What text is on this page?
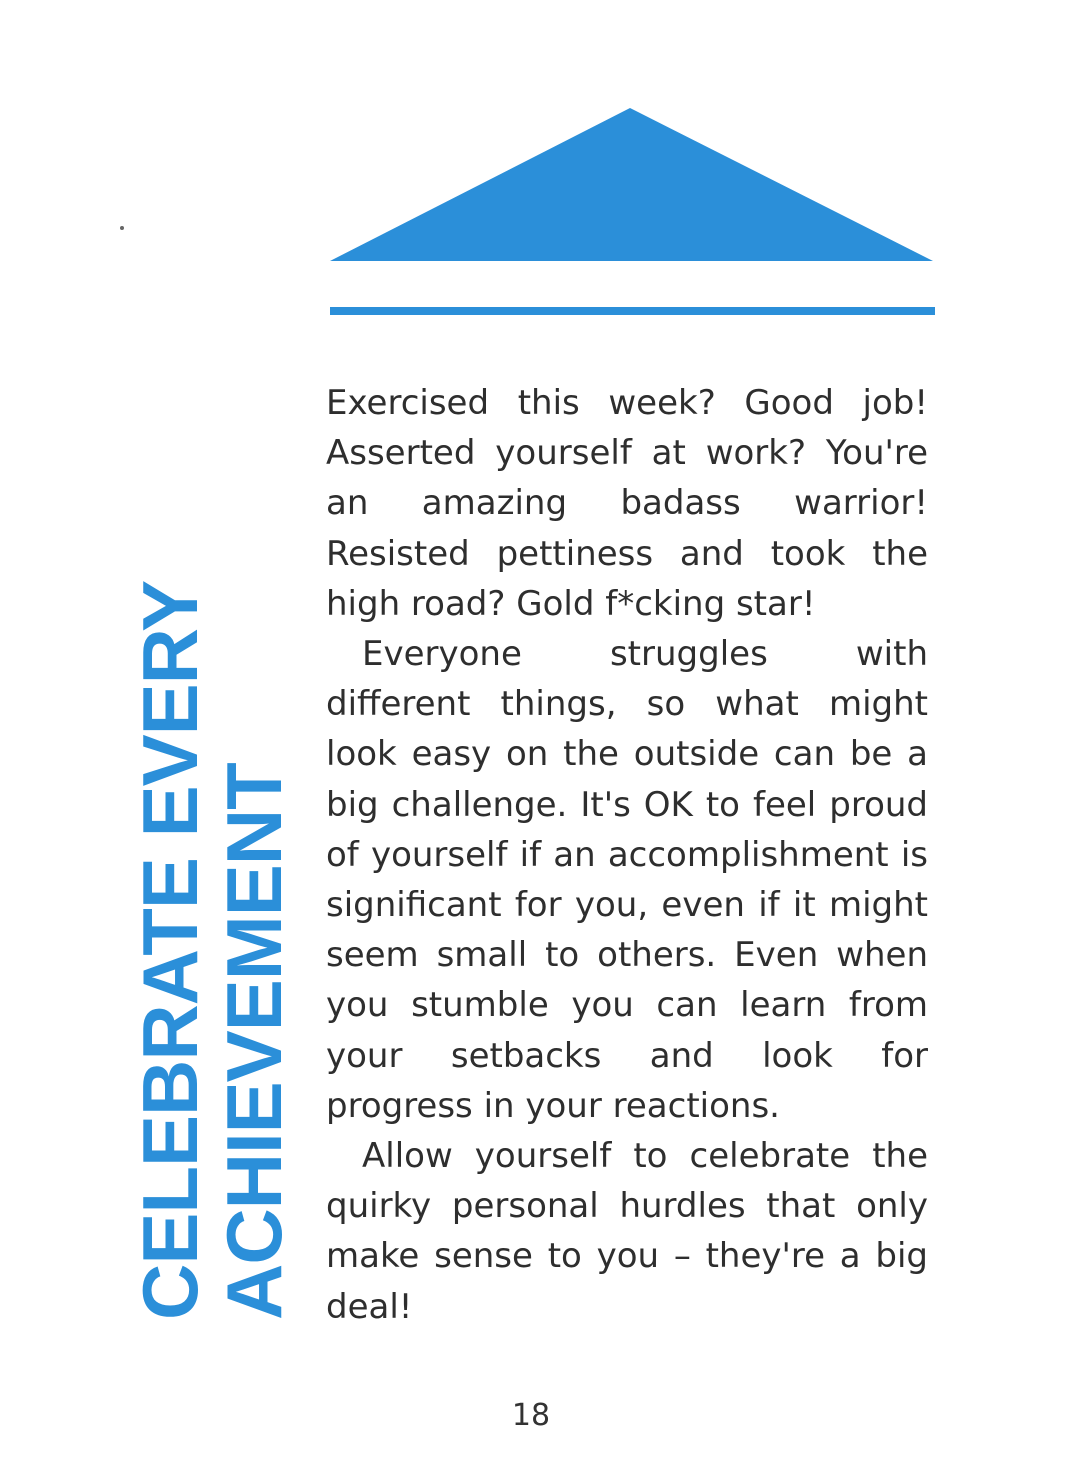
CELEBRATE EVERY
ACHIEVEMENT

Exercised this week? Good job! Asserted yourself at work? You're an amazing badass warrior! Resisted pettiness and took the high road? Gold f*cking star!

Everyone struggles with different things, so what might look easy on the outside can be a big challenge. It's OK to feel proud of yourself if an accomplishment is significant for you, even if it might seem small to others. Even when you stumble you can learn from your setbacks and look for progress in your reactions.

Allow yourself to celebrate the quirky personal hurdles that only make sense to you – they're a big deal!

18
